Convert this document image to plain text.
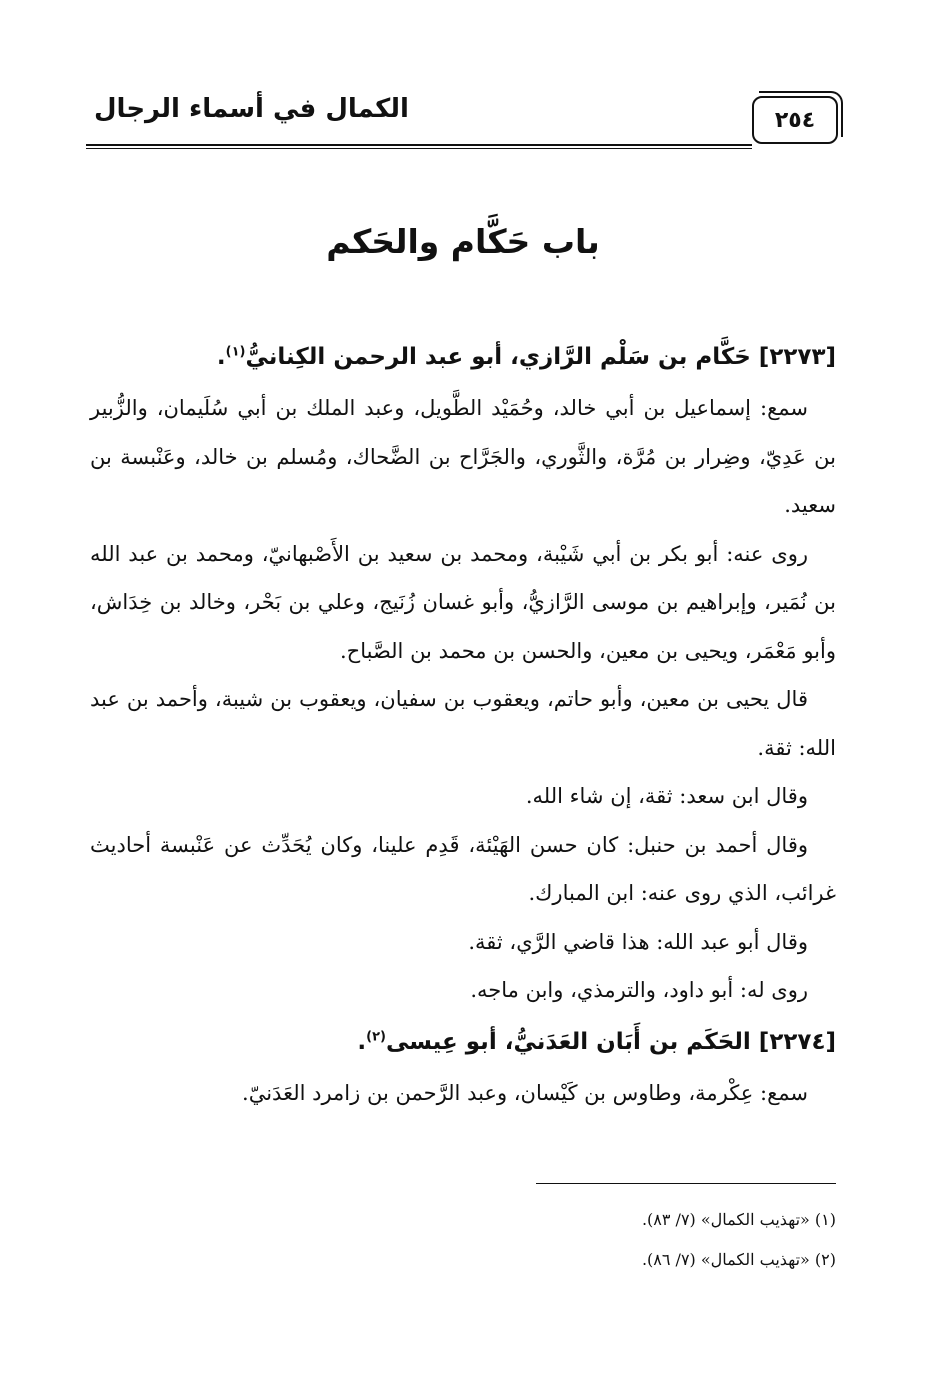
٢٥٤
الكمال في أسماء الرجال
باب حَكَّام والحَكم

[٢٢٧٣] حَكَّام بن سَلْم الرَّازي، أبو عبد الرحمن الكِنانيُّ$^{(١)}$.

سمع: إسماعيل بن أبي خالد، وحُمَيْد الطَّويل، وعبد الملك بن أبي سُلَيمان، والزُّبير بن عَدِيّ، وضِرار بن مُرَّة، والثَّوري، والجَرَّاح بن الضَّحاك، ومُسلم بن خالد، وعَنْبسة بن سعيد.

روى عنه: أبو بكر بن أبي شَيْبة، ومحمد بن سعيد بن الأَصْبهانيّ، ومحمد بن عبد الله بن نُمَير، وإبراهيم بن موسى الرَّازيُّ، وأبو غسان زُنَيج، وعلي بن بَحْر، وخالد بن خِدَاش، وأبو مَعْمَر، ويحيى بن معين، والحسن بن محمد بن الصَّباح.

قال يحيى بن معين، وأبو حاتم، ويعقوب بن سفيان، ويعقوب بن شيبة، وأحمد بن عبد الله: ثقة.

وقال ابن سعد: ثقة، إن شاء الله.

وقال أحمد بن حنبل: كان حسن الهَيْئة، قَدِم علينا، وكان يُحَدِّث عن عَنْبسة أحاديث غرائب، الذي روى عنه: ابن المبارك.

وقال أبو عبد الله: هذا قاضي الرَّي، ثقة.

روى له: أبو داود، والترمذي، وابن ماجه.

[٢٢٧٤] الحَكَم بن أَبَان العَدَنيُّ، أبو عِيسى$^{(٢)}$.

سمع: عِكْرمة، وطاوس بن كَيْسان، وعبد الرَّحمن بن زامرد العَدَنيّ.

(١) «تهذيب الكمال» (٧/ ٨٣).

(٢) «تهذيب الكمال» (٧/ ٨٦).
